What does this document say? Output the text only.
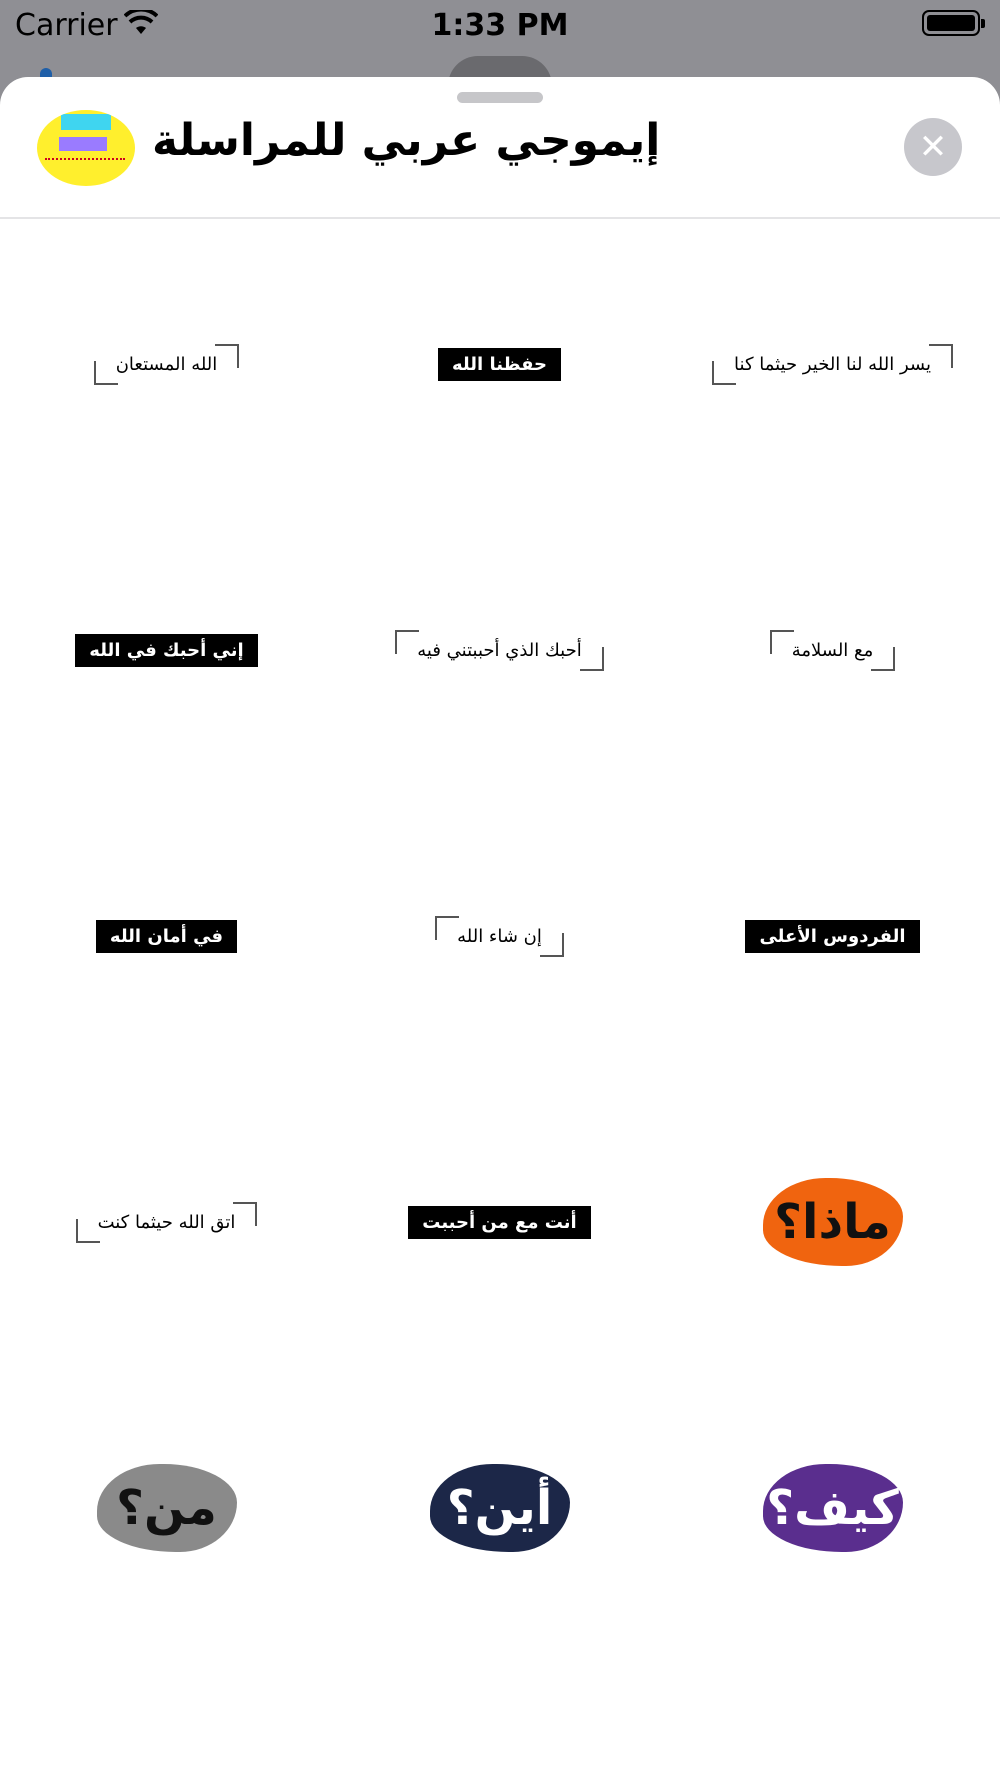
Carrier	1:33 PM
إيموجي عربي للمراسلة	✕
الله المستعان	حفظنا الله	يسر الله لنا الخير حيثما كنا
إني أحبك في الله	أحبك الذي أحببتني فيه	مع السلامة
في أمان الله	إن شاء الله	الفردوس الأعلى
اتق الله حيثما كنت	أنت مع من أحببت	ماذا؟
من؟	أين؟	كيف؟
